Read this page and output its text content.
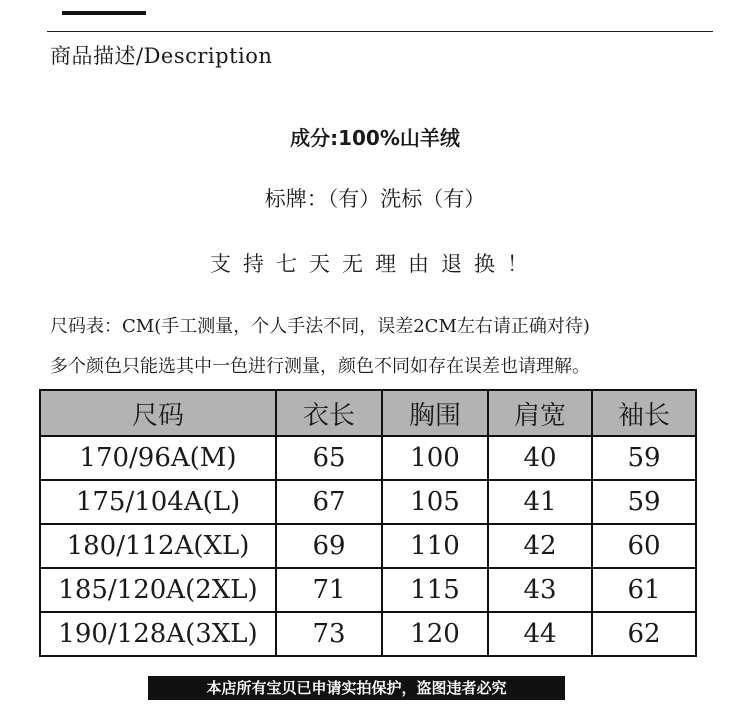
商品描述/Description
成分:100%山羊绒
标牌：（有）洗标（有）
支持七天无理由退换！
尺码表：CM(手工测量，个人手法不同，误差2CM左右请正确对待)
多个颜色只能选其中一色进行测量，颜色不同如存在误差也请理解。
尺码	衣长	胸围	肩宽	袖长
170/96A(M)	65	100	40	59
175/104A(L)	67	105	41	59
180/112A(XL)	69	110	42	60
185/120A(2XL)	71	115	43	61
190/128A(3XL)	73	120	44	62
本店所有宝贝已申请实拍保护，盗图违者必究
